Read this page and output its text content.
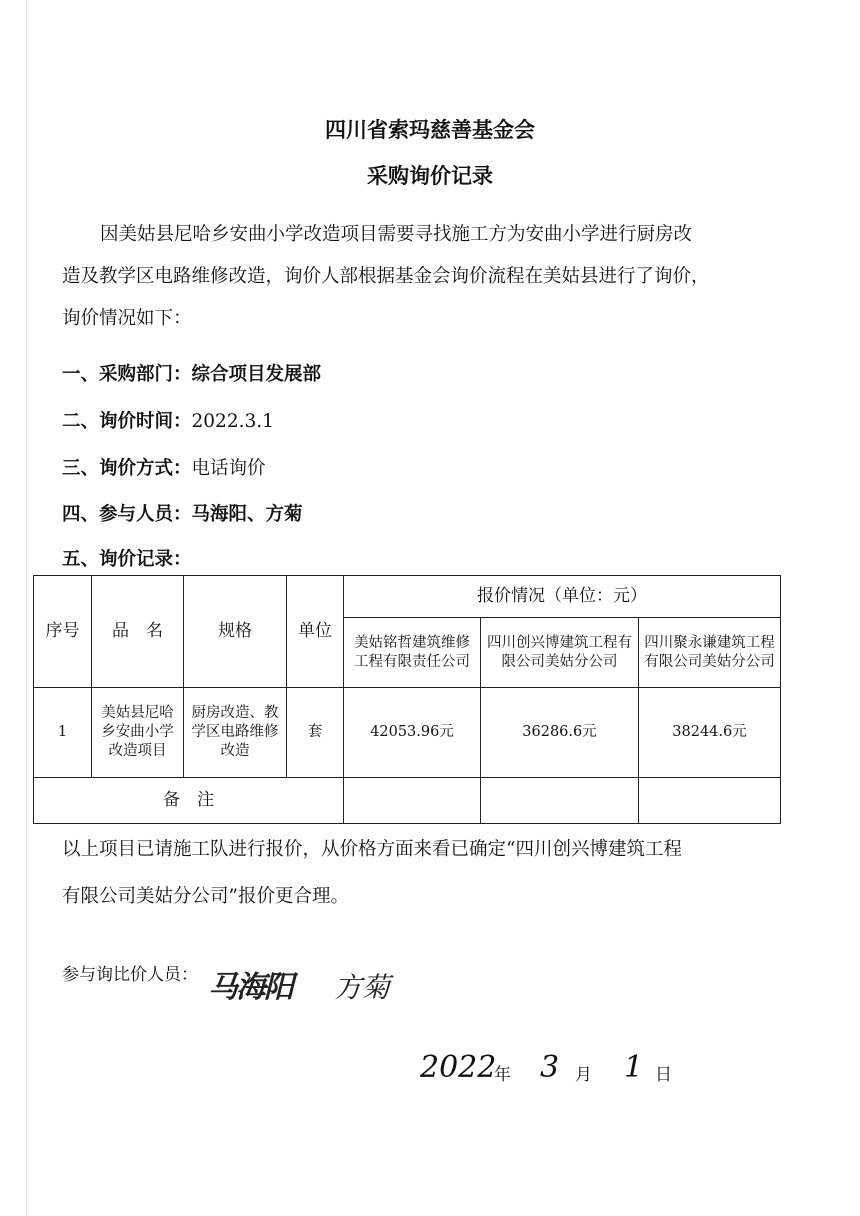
四川省索玛慈善基金会
采购询价记录
因美姑县尼哈乡安曲小学改造项目需要寻找施工方为安曲小学进行厨房改
造及教学区电路维修改造，询价人部根据基金会询价流程在美姑县进行了询价，
询价情况如下：
一、采购部门：综合项目发展部
二、询价时间：2022.3.1
三、询价方式：电话询价
四、参与人员：马海阳、方菊
五、询价记录：
序号	品　名	规格	单位	报价情况（单位：元）		
				美姑铭哲建筑维修工程有限责任公司	四川创兴博建筑工程有限公司美姑分公司	四川聚永谦建筑工程有限公司美姑分公司
1	美姑县尼哈乡安曲小学改造项目	厨房改造、教学区电路维修改造	套	42053.96元	36286.6元	38244.6元
备　注						
以上项目已请施工队进行报价，从价格方面来看已确定“四川创兴博建筑工程
有限公司美姑分公司”报价更合理。
参与询比价人员： 马海阳 方菊
2022
年 3 月 1 日
